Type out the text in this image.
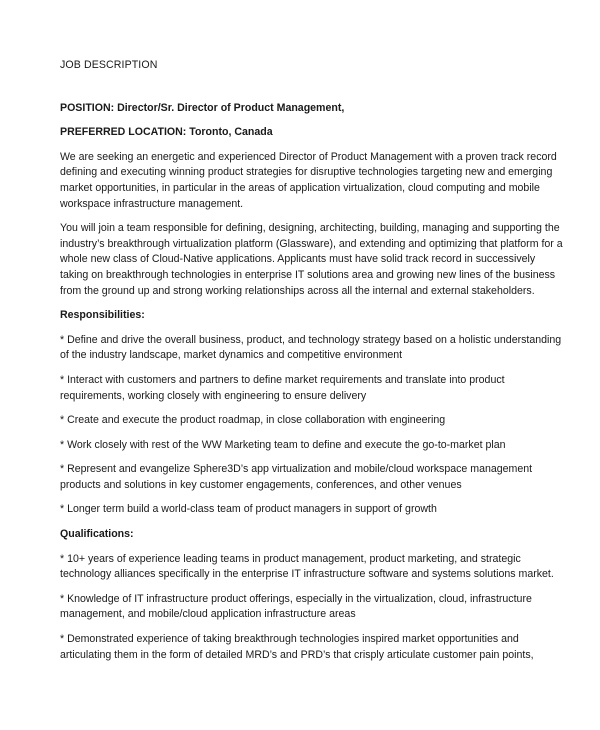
JOB DESCRIPTION
POSITION: Director/Sr. Director of Product Management,
PREFERRED LOCATION: Toronto, Canada

We are seeking an energetic and experienced Director of Product Management with a proven track record defining and executing winning product strategies for disruptive technologies targeting new and emerging market opportunities, in particular in the areas of application virtualization, cloud computing and mobile workspace infrastructure management.

You will join a team responsible for defining, designing, architecting, building, managing and supporting the industry’s breakthrough virtualization platform (Glassware), and extending and optimizing that platform for a whole new class of Cloud-Native applications. Applicants must have solid track record in successively taking on breakthrough technologies in enterprise IT solutions area and growing new lines of the business from the ground up and strong working relationships across all the internal and external stakeholders.

Responsibilities:
* Define and drive the overall business, product, and technology strategy based on a holistic understanding of the industry landscape, market dynamics and competitive environment
* Interact with customers and partners to define market requirements and translate into product requirements, working closely with engineering to ensure delivery
* Create and execute the product roadmap, in close collaboration with engineering
* Work closely with rest of the WW Marketing team to define and execute the go-to-market plan
* Represent and evangelize Sphere3D’s app virtualization and mobile/cloud workspace management products and solutions in key customer engagements, conferences, and other venues
* Longer term build a world-class team of product managers in support of growth
Qualifications:
* 10+ years of experience leading teams in product management, product marketing, and strategic technology alliances specifically in the enterprise IT infrastructure software and systems solutions market.
* Knowledge of IT infrastructure product offerings, especially in the virtualization, cloud, infrastructure management, and mobile/cloud application infrastructure areas
* Demonstrated experience of taking breakthrough technologies inspired market opportunities and articulating them in the form of detailed MRD’s and PRD’s that crisply articulate customer pain points,
